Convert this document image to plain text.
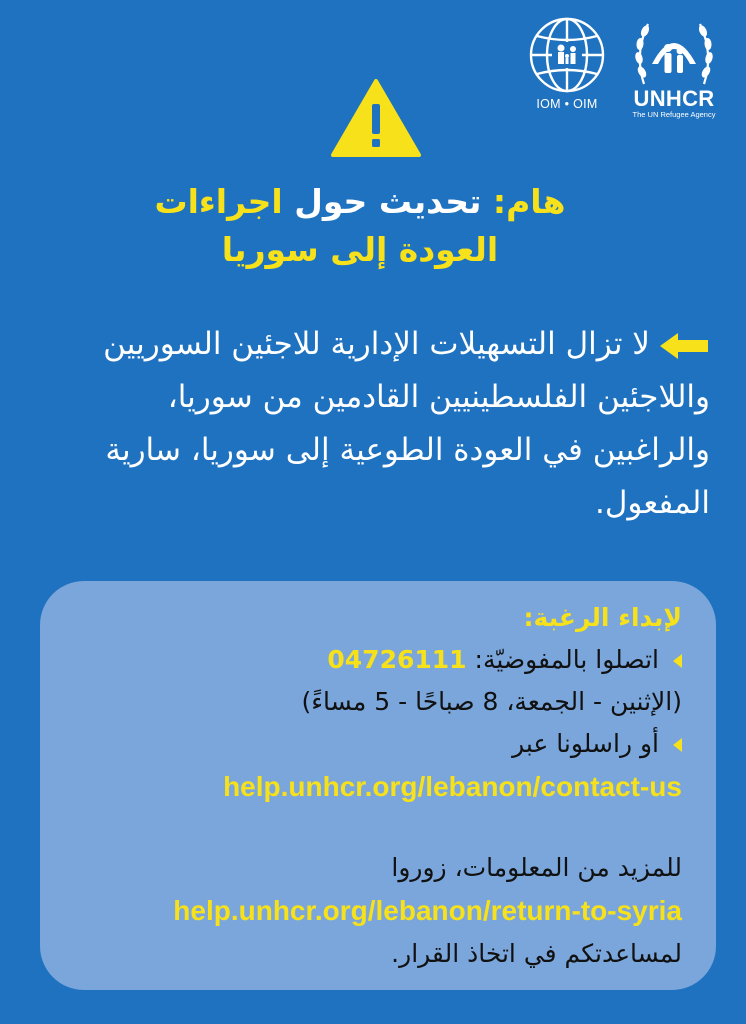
IOM • OIM	UNHCR
The UN Refugee Agency
هام: تحديث حول اجراءات العودة إلى سوريا
لا تزال التسهيلات الإدارية للاجئين السوريين واللاجئين الفلسطينيين القادمين من سوريا، والراغبين في العودة الطوعية إلى سوريا، سارية المفعول.
لإبداء الرغبة:
اتصلوا بالمفوضيّة: 04726111
(الإثنين - الجمعة، 8 صباحًا - 5 مساءً)
أو راسلونا عبر
help.unhcr.org/lebanon/contact-us
للمزيد من المعلومات، زوروا
help.unhcr.org/lebanon/return-to-syria
لمساعدتكم في اتخاذ القرار.
